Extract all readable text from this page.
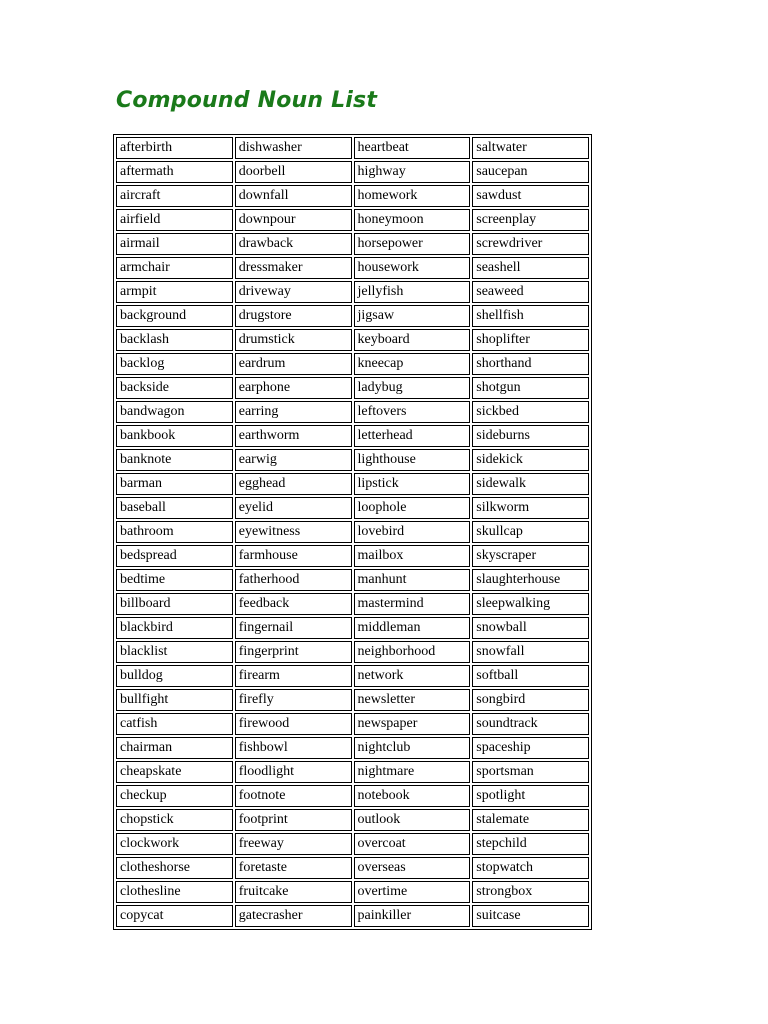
Compound Noun List
afterbirth	dishwasher	heartbeat	saltwater
aftermath	doorbell	highway	saucepan
aircraft	downfall	homework	sawdust
airfield	downpour	honeymoon	screenplay
airmail	drawback	horsepower	screwdriver
armchair	dressmaker	housework	seashell
armpit	driveway	jellyfish	seaweed
background	drugstore	jigsaw	shellfish
backlash	drumstick	keyboard	shoplifter
backlog	eardrum	kneecap	shorthand
backside	earphone	ladybug	shotgun
bandwagon	earring	leftovers	sickbed
bankbook	earthworm	letterhead	sideburns
banknote	earwig	lighthouse	sidekick
barman	egghead	lipstick	sidewalk
baseball	eyelid	loophole	silkworm
bathroom	eyewitness	lovebird	skullcap
bedspread	farmhouse	mailbox	skyscraper
bedtime	fatherhood	manhunt	slaughterhouse
billboard	feedback	mastermind	sleepwalking
blackbird	fingernail	middleman	snowball
blacklist	fingerprint	neighborhood	snowfall
bulldog	firearm	network	softball
bullfight	firefly	newsletter	songbird
catfish	firewood	newspaper	soundtrack
chairman	fishbowl	nightclub	spaceship
cheapskate	floodlight	nightmare	sportsman
checkup	footnote	notebook	spotlight
chopstick	footprint	outlook	stalemate
clockwork	freeway	overcoat	stepchild
clotheshorse	foretaste	overseas	stopwatch
clothesline	fruitcake	overtime	strongbox
copycat	gatecrasher	painkiller	suitcase
